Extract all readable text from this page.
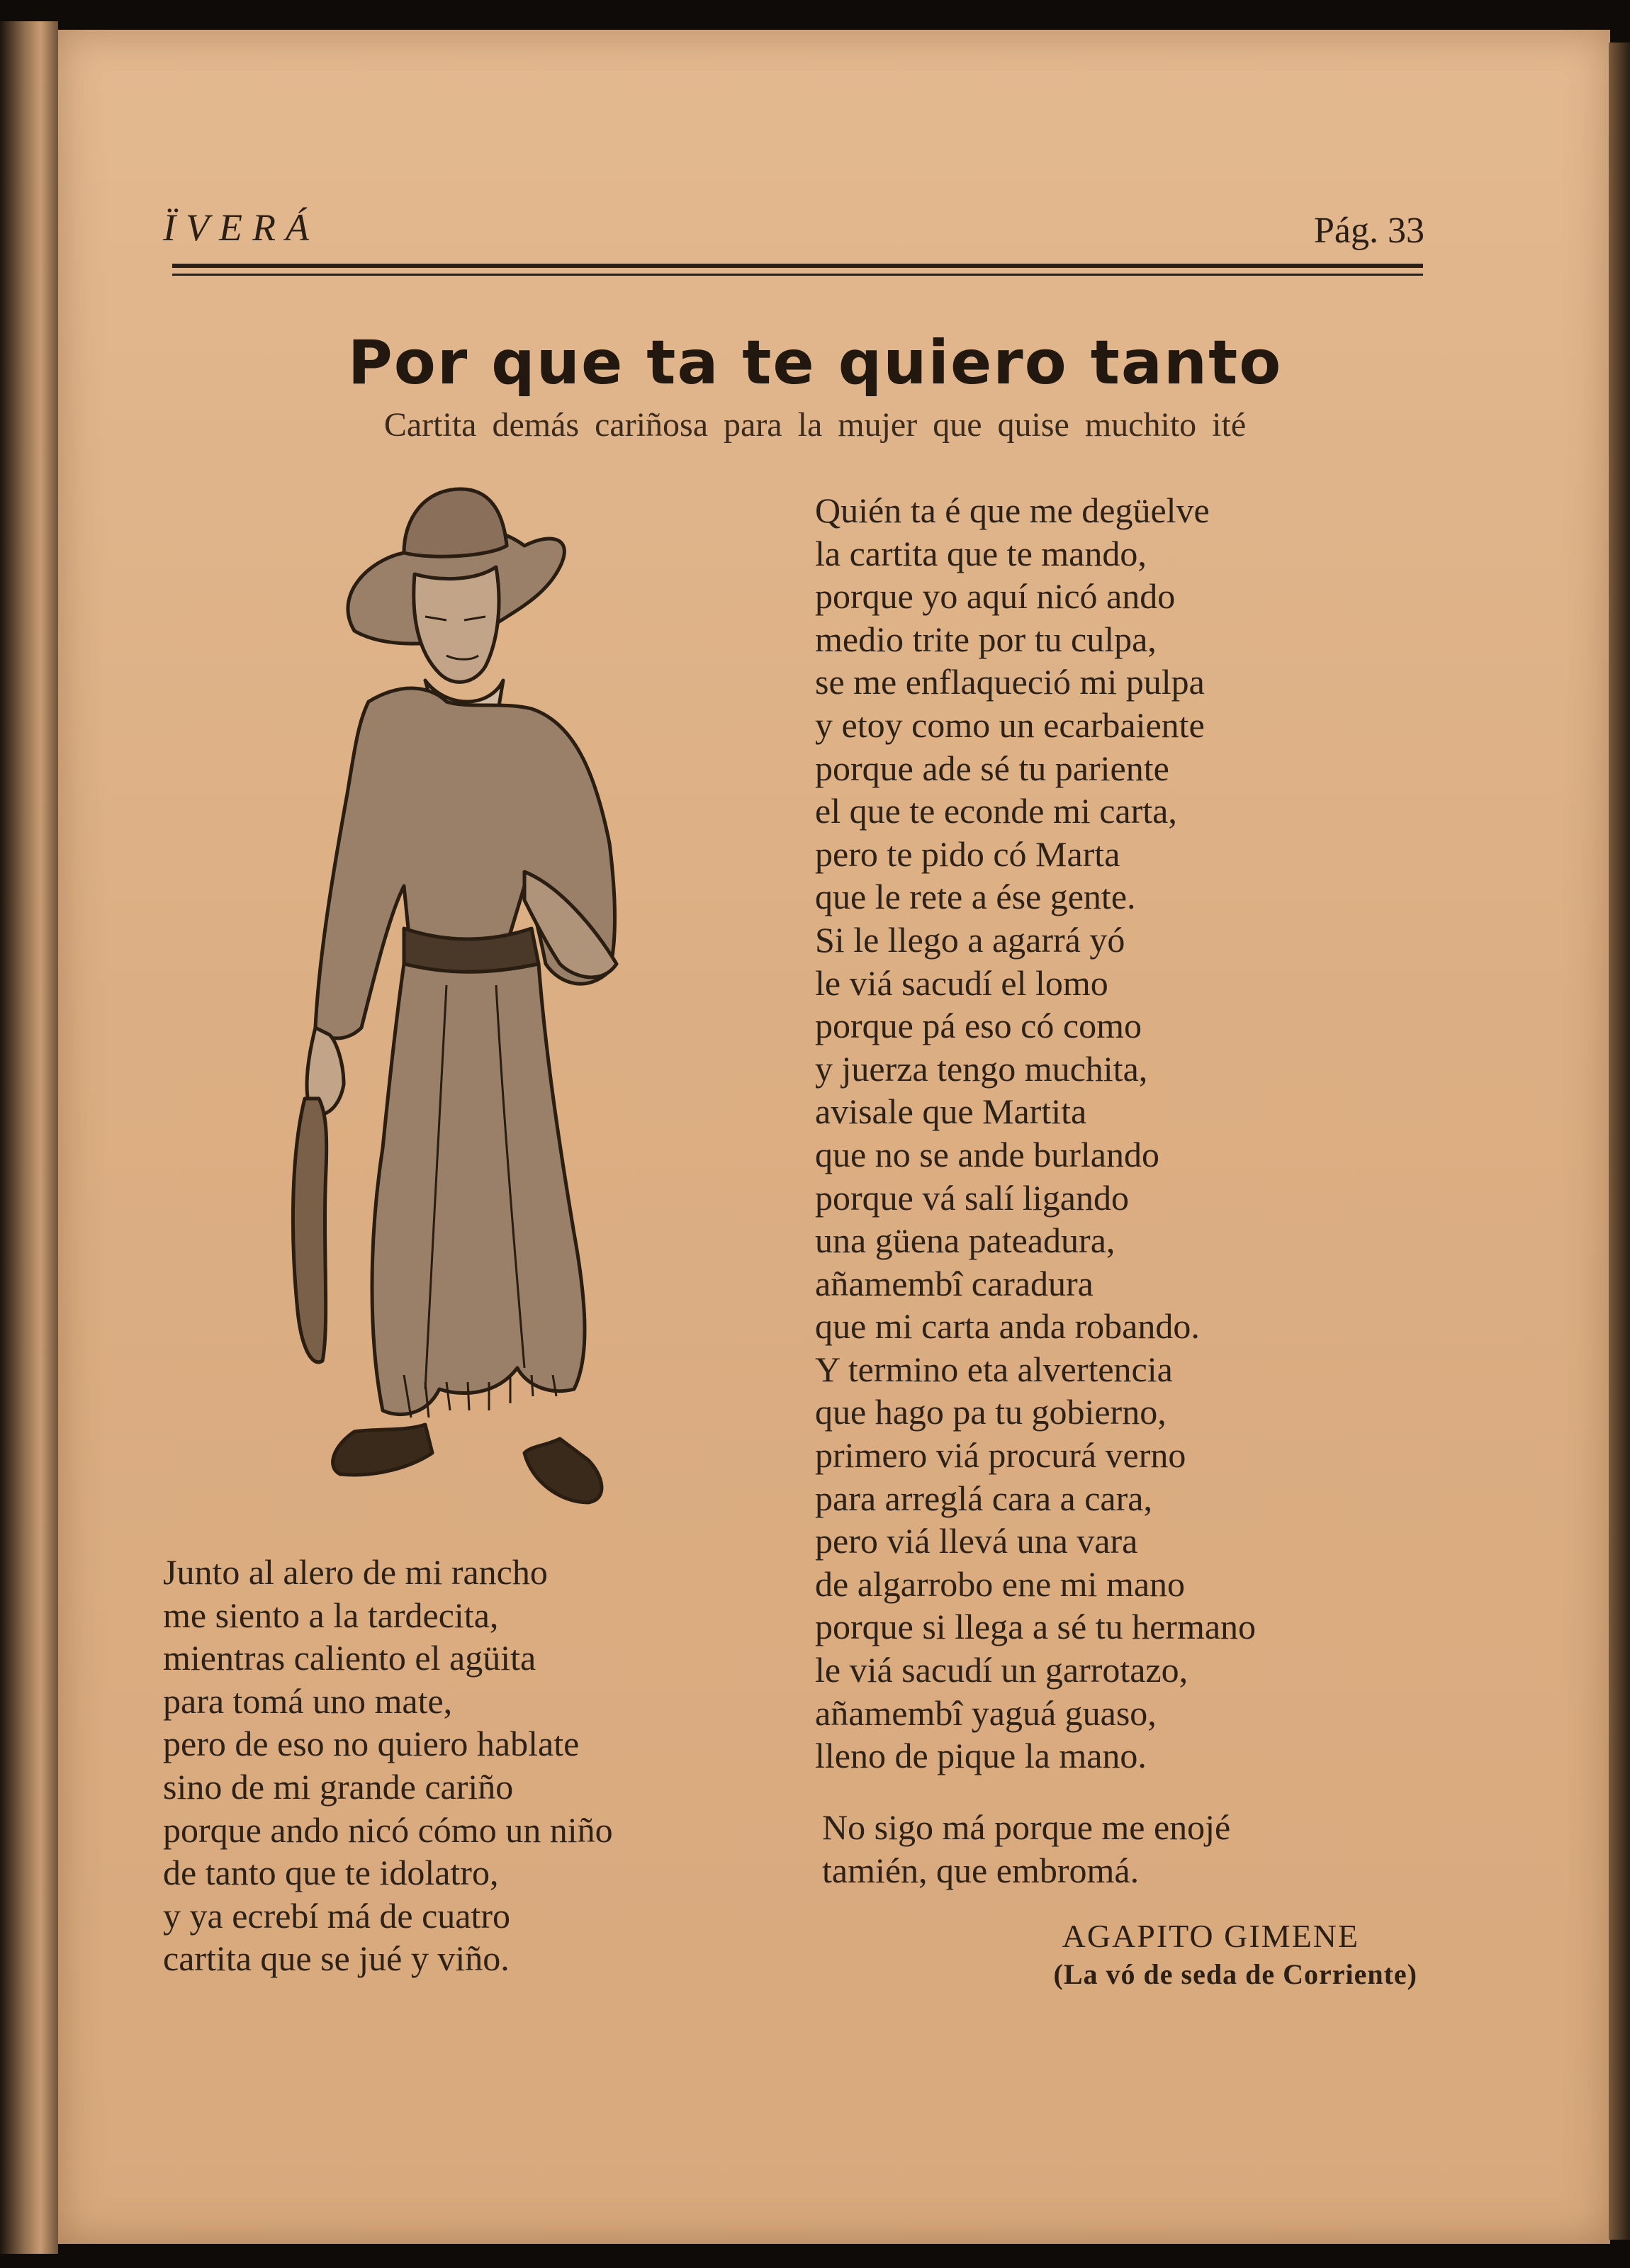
ÏVERÁ	Pág. 33
Por que ta te quiero tanto
Cartita demás cariñosa para la mujer que quise muchito ité
Junto al alero de mi rancho
me siento a la tardecita,
mientras caliento el agüita
para tomá uno mate,
pero de eso no quiero hablate
sino de mi grande cariño
porque ando nicó cómo un niño
de tanto que te idolatro,
y ya ecrebí má de cuatro
cartita que se jué y viño.
Quién ta é que me degüelve
la cartita que te mando,
porque yo aquí nicó ando
medio trite por tu culpa,
se me enflaqueció mi pulpa
y etoy como un ecarbaiente
porque ade sé tu pariente
el que te econde mi carta,
pero te pido có Marta
que le rete a ése gente.
Si le llego a agarrá yó
le viá sacudí el lomo
porque pá eso có como
y juerza tengo muchita,
avisale que Martita
que no se ande burlando
porque vá salí ligando
una güena pateadura,
añamembî caradura
que mi carta anda robando.
Y termino eta alvertencia
que hago pa tu gobierno,
primero viá procurá verno
para arreglá cara a cara,
pero viá llevá una vara
de algarrobo ene mi mano
porque si llega a sé tu hermano
le viá sacudí un garrotazo,
añamembî yaguá guaso,
lleno de pique la mano.
No sigo má porque me enojé
tamién, que embromá.
AGAPITO GIMENE
(La vó de seda de Corriente)
